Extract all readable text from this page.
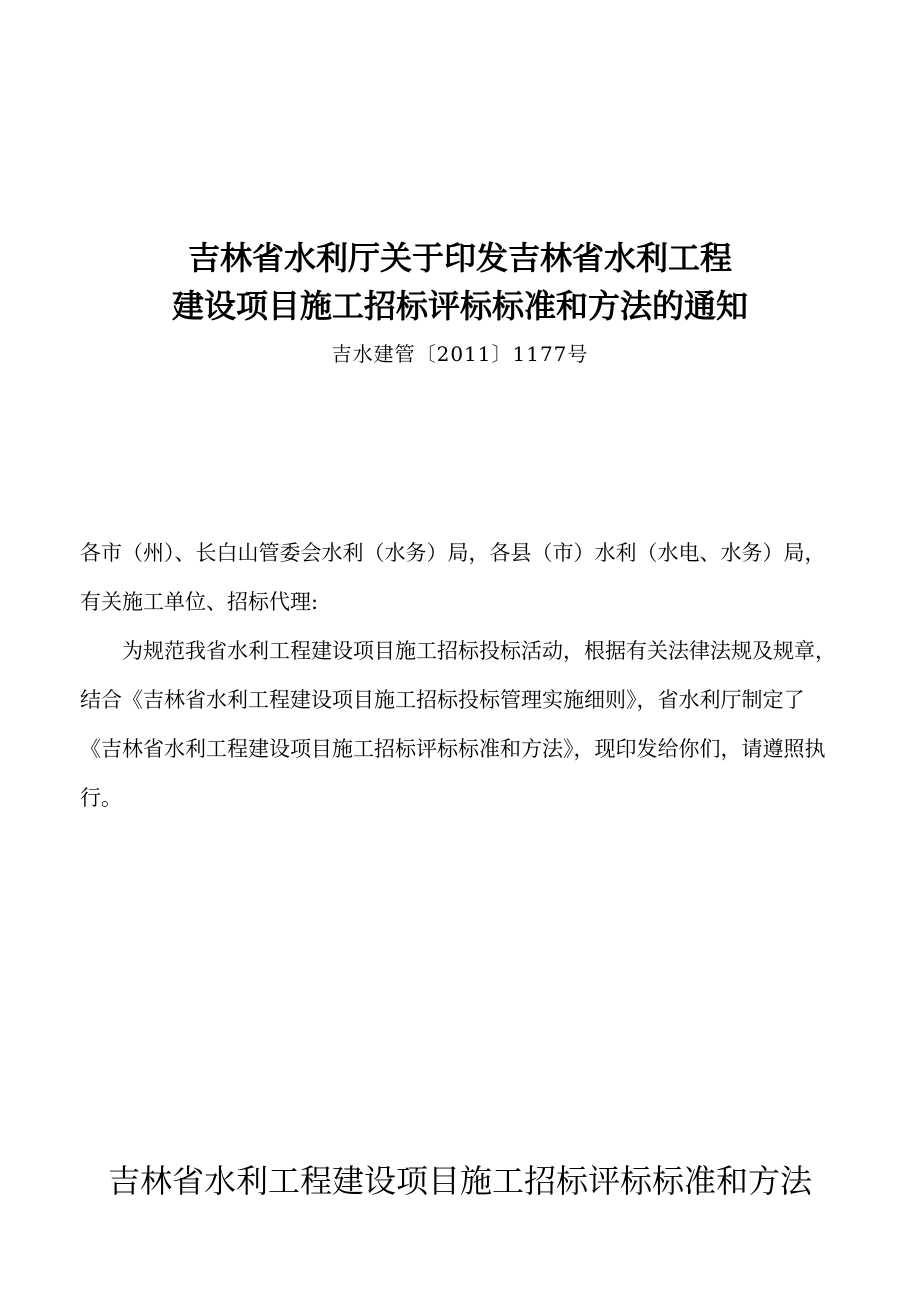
吉林省水利厅关于印发吉林省水利工程
建设项目施工招标评标标准和方法的通知
吉水建管〔2011〕1177号
各市（州）、长白山管委会水利（水务）局，各县（市）水利（水电、水务）局，有关施工单位、招标代理:
为规范我省水利工程建设项目施工招标投标活动，根据有关法律法规及规章，结合《吉林省水利工程建设项目施工招标投标管理实施细则》，省水利厅制定了《吉林省水利工程建设项目施工招标评标标准和方法》，现印发给你们，请遵照执行。
吉林省水利工程建设项目施工招标评标标准和方法
